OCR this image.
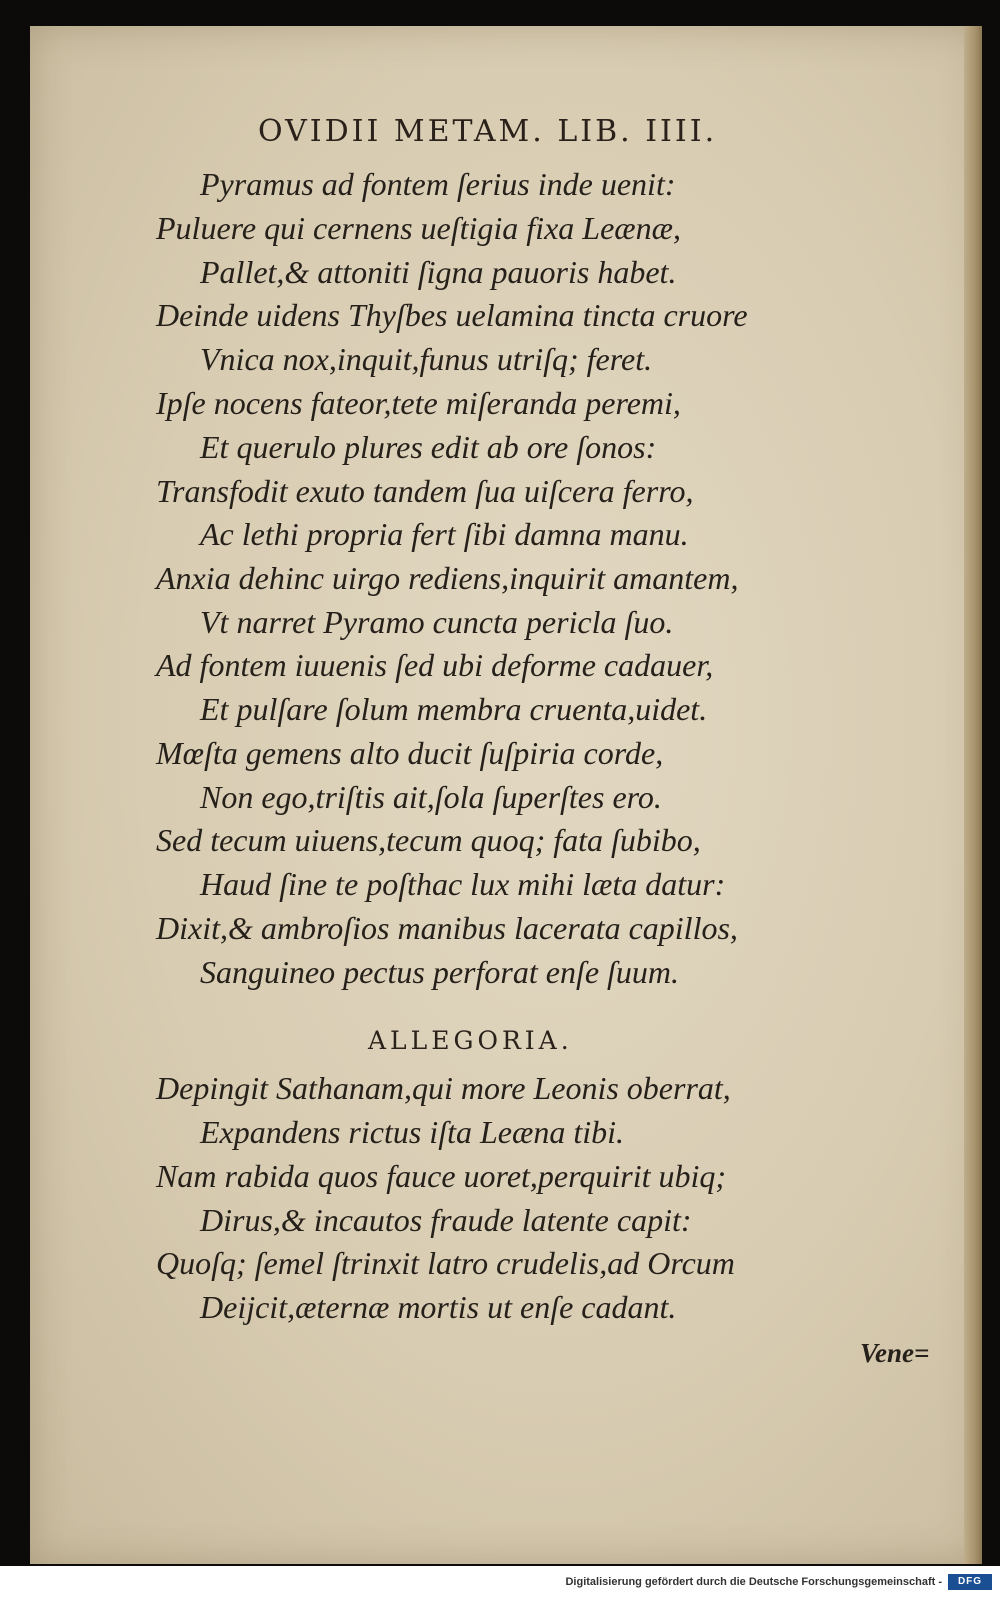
OVIDII METAM. LIB. IIII.
Pyramus ad fontem ſerius inde uenit:
Puluere qui cernens ueſtigia fixa Leænæ,
Pallet,& attoniti ſigna pauoris habet.
Deinde uidens Thyſbes uelamina tincta cruore
Vnica nox,inquit,funus utriſq; feret.
Ipſe nocens fateor,tete miſeranda peremi,
Et querulo plures edit ab ore ſonos:
Transfodit exuto tandem ſua uiſcera ferro,
Ac lethi propria fert ſibi damna manu.
Anxia dehinc uirgo rediens,inquirit amantem,
Vt narret Pyramo cuncta pericla ſuo.
Ad fontem iuuenis ſed ubi deforme cadauer,
Et pulſare ſolum membra cruenta,uidet.
Mœſta gemens alto ducit ſuſpiria corde,
Non ego,triſtis ait,ſola ſuperſtes ero.
Sed tecum uiuens,tecum quoq; fata ſubibo,
Haud ſine te poſthac lux mihi læta datur:
Dixit,& ambroſios manibus lacerata capillos,
Sanguineo pectus perforat enſe ſuum.
ALLEGORIA.
Depingit Sathanam,qui more Leonis oberrat,
Expandens rictus iſta Leæna tibi.
Nam rabida quos fauce uoret,perquirit ubiq;
Dirus,& incautos fraude latente capit:
Quoſq; ſemel ſtrinxit latro crudelis,ad Orcum
Deijcit,æternæ mortis ut enſe cadant.
Vene=
Digitalisierung gefördert durch die Deutsche Forschungsgemeinschaft -	DFG
